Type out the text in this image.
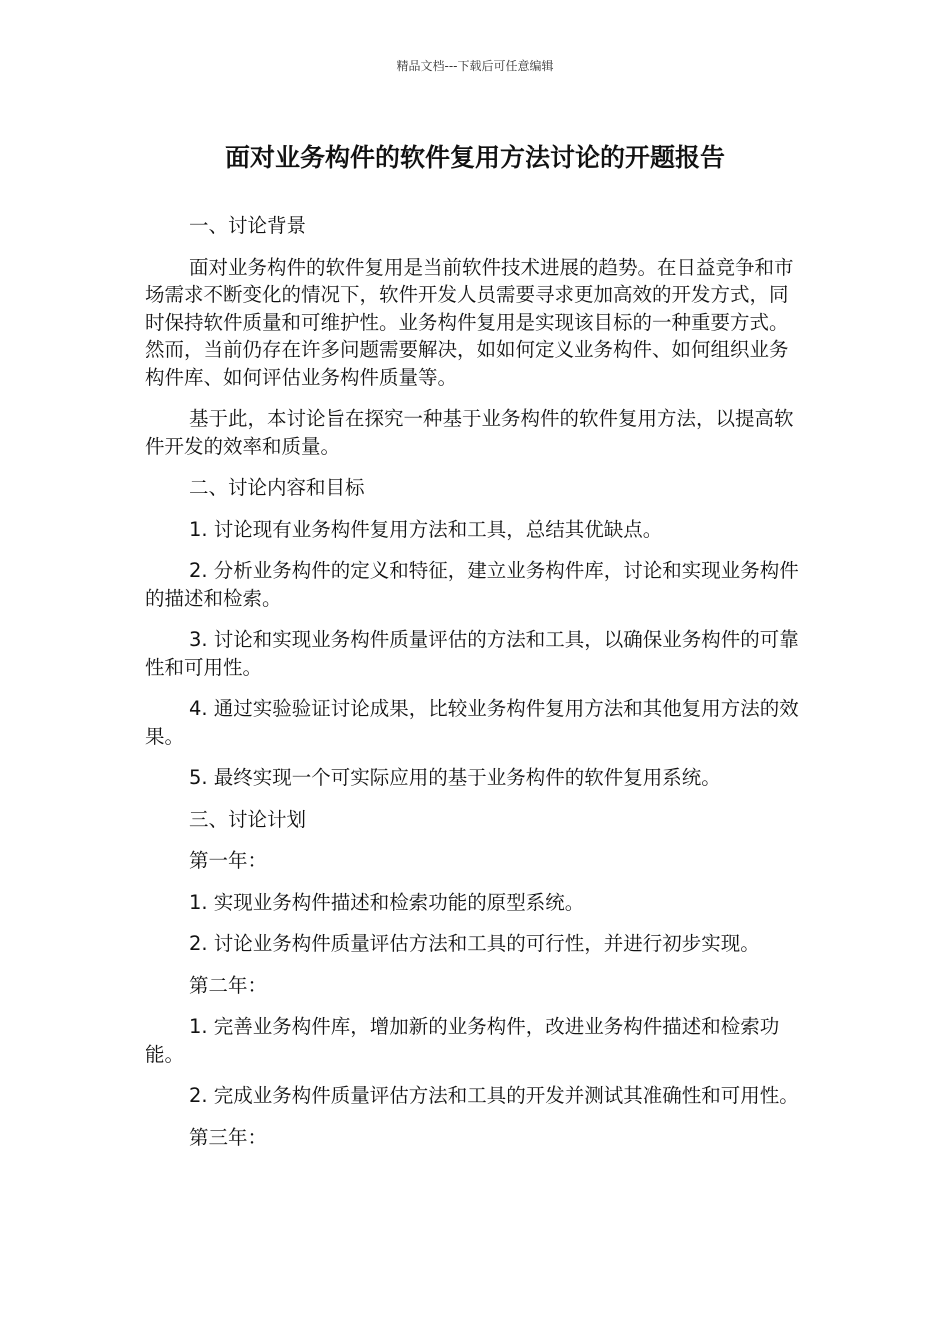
精品文档---下载后可任意编辑
面对业务构件的软件复用方法讨论的开题报告

一、讨论背景

面对业务构件的软件复用是当前软件技术进展的趋势。在日益竞争和市场需求不断变化的情况下，软件开发人员需要寻求更加高效的开发方式，同时保持软件质量和可维护性。业务构件复用是实现该目标的一种重要方式。然而，当前仍存在许多问题需要解决，如如何定义业务构件、如何组织业务构件库、如何评估业务构件质量等。

基于此，本讨论旨在探究一种基于业务构件的软件复用方法，以提高软件开发的效率和质量。

二、讨论内容和目标

1. 讨论现有业务构件复用方法和工具，总结其优缺点。

2. 分析业务构件的定义和特征，建立业务构件库，讨论和实现业务构件的描述和检索。

3. 讨论和实现业务构件质量评估的方法和工具，以确保业务构件的可靠性和可用性。

4. 通过实验验证讨论成果，比较业务构件复用方法和其他复用方法的效果。

5. 最终实现一个可实际应用的基于业务构件的软件复用系统。

三、讨论计划

第一年：

1. 实现业务构件描述和检索功能的原型系统。

2. 讨论业务构件质量评估方法和工具的可行性，并进行初步实现。

第二年：

1. 完善业务构件库，增加新的业务构件，改进业务构件描述和检索功能。

2. 完成业务构件质量评估方法和工具的开发并测试其准确性和可用性。

第三年：
